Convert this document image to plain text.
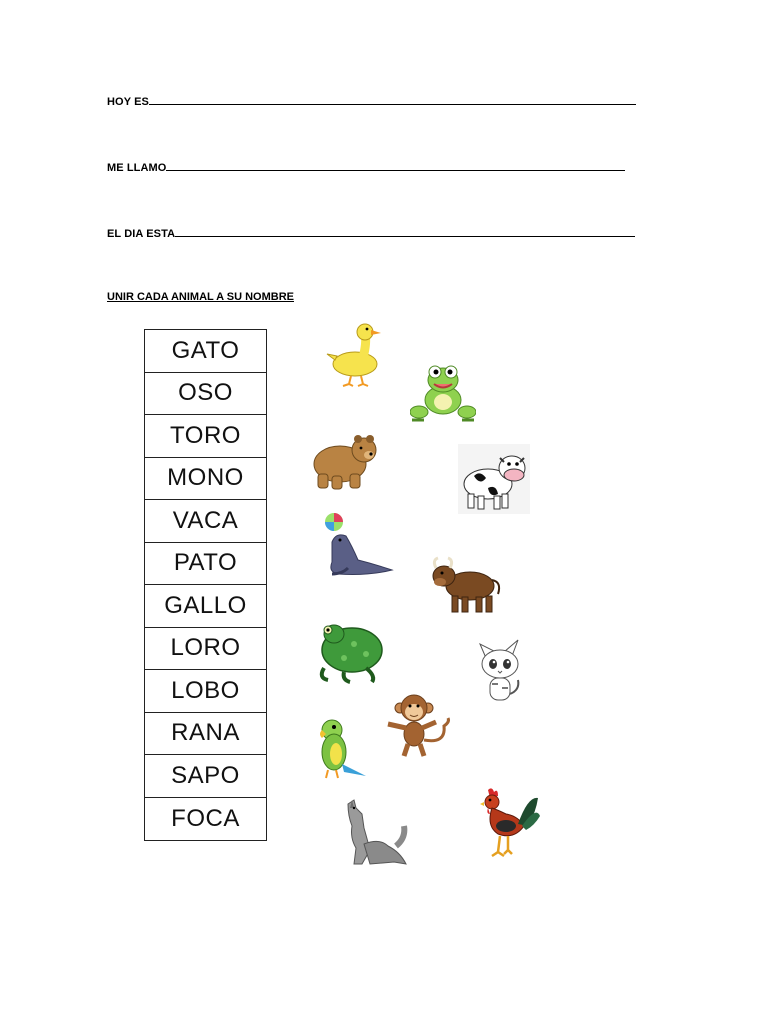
HOY ES
ME LLAMO
EL DIA ESTA
UNIR CADA ANIMAL A SU NOMBRE
GATO
OSO
TORO
MONO
VACA
PATO
GALLO
LORO
LOBO
RANA
SAPO
FOCA
